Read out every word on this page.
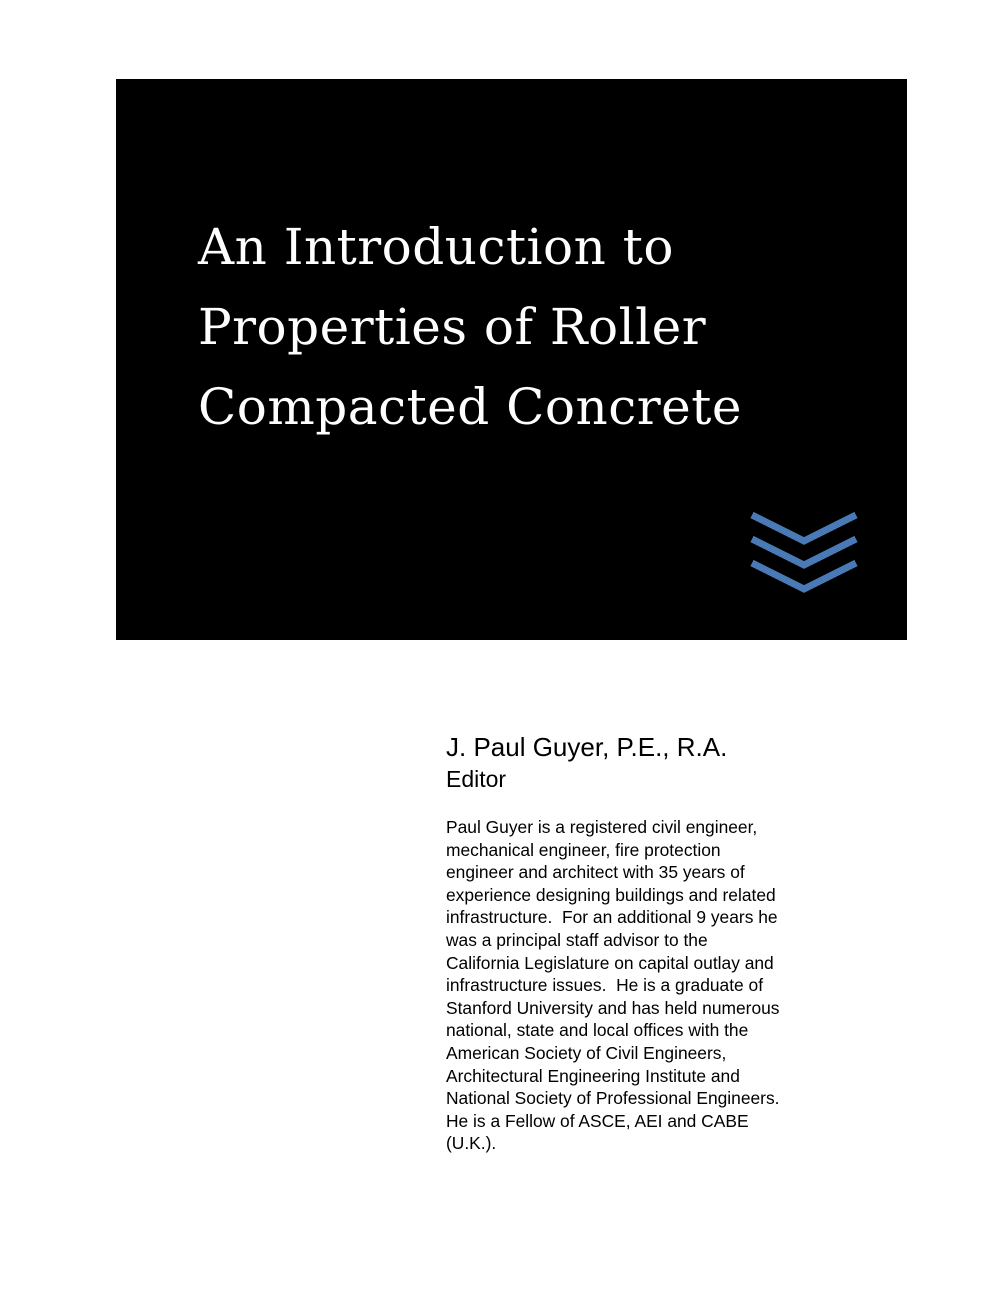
An Introduction to
Properties of Roller
Compacted Concrete

J. Paul Guyer, P.E., R.A.

Editor

Paul Guyer is a registered civil engineer,
mechanical engineer, fire protection
engineer and architect with 35 years of
experience designing buildings and related
infrastructure.  For an additional 9 years he
was a principal staff advisor to the
California Legislature on capital outlay and
infrastructure issues.  He is a graduate of
Stanford University and has held numerous
national, state and local offices with the
American Society of Civil Engineers,
Architectural Engineering Institute and
National Society of Professional Engineers.
He is a Fellow of ASCE, AEI and CABE
(U.K.).
